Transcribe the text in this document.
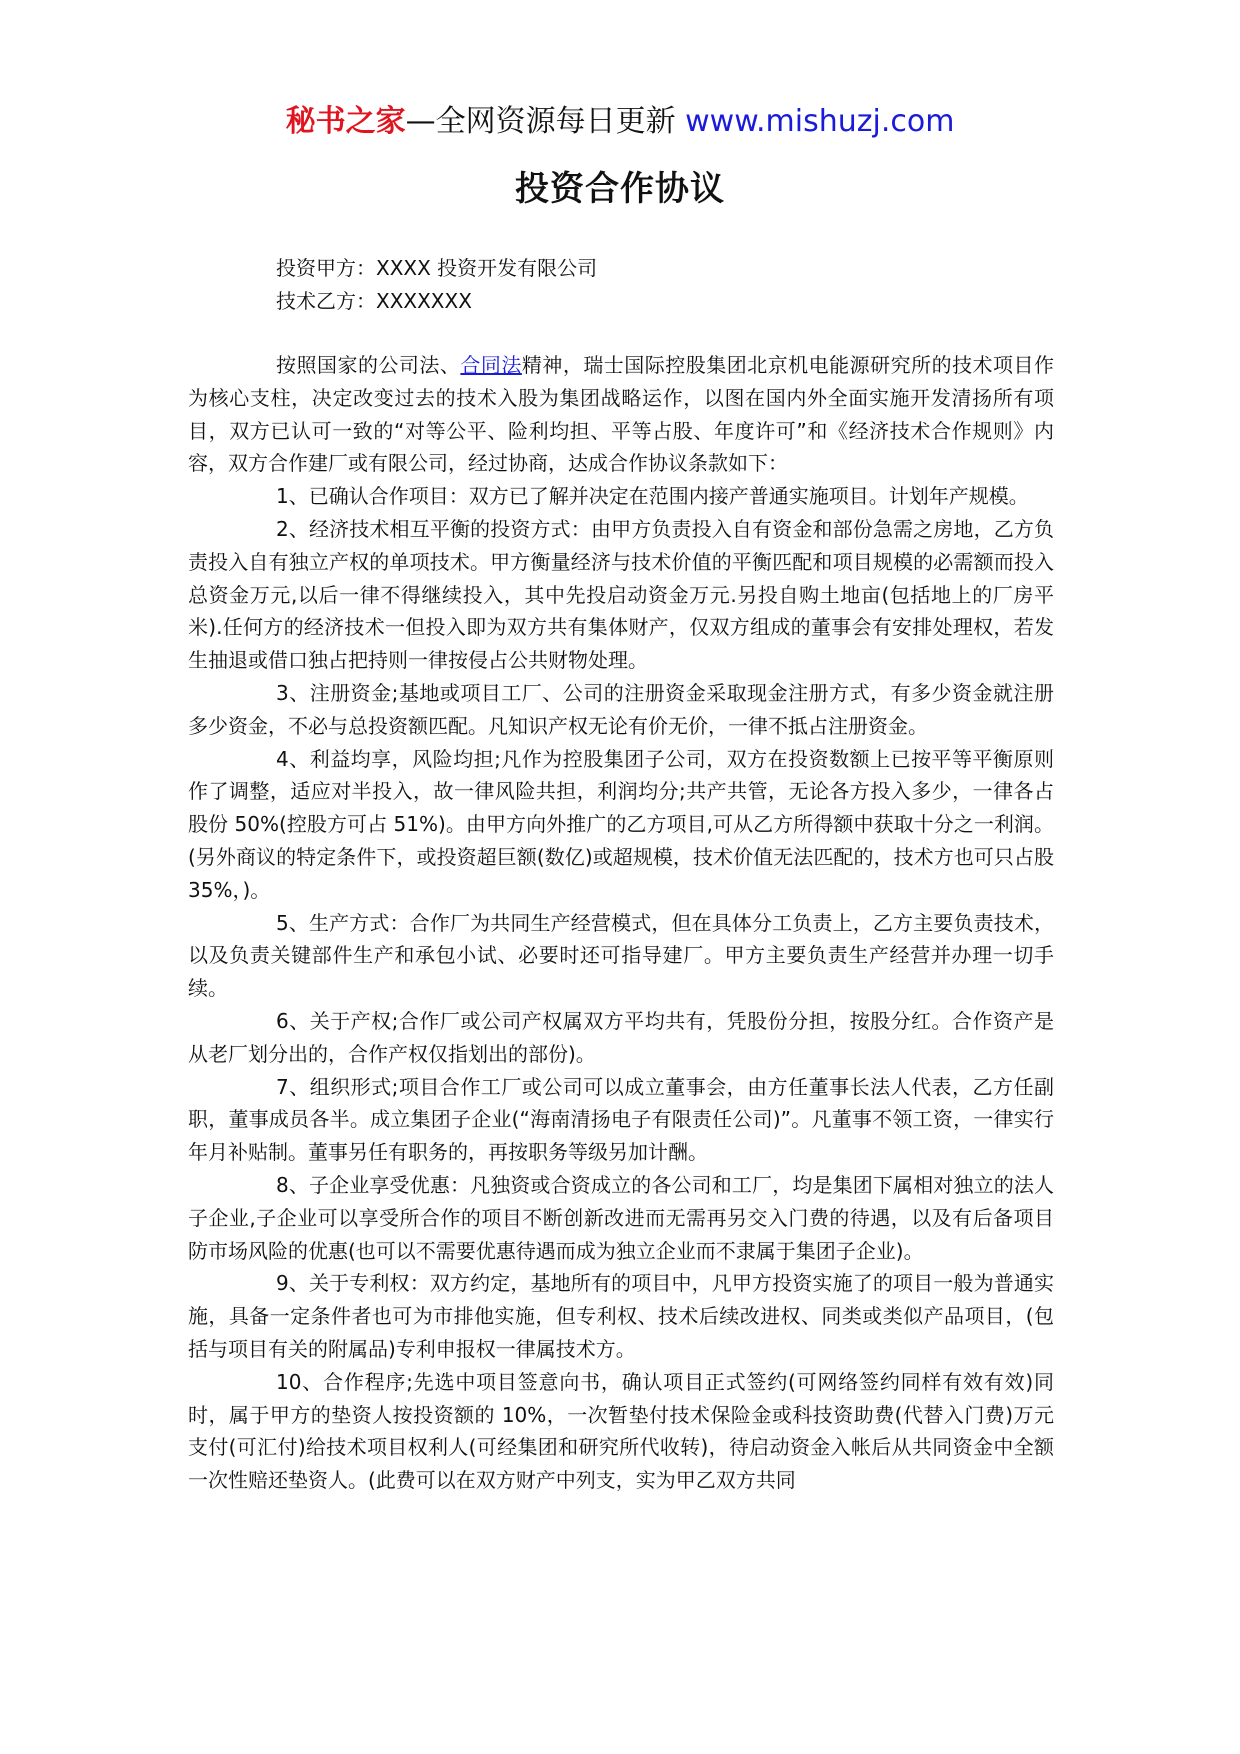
秘书之家—全网资源每日更新 www.mishuzj.com
投资合作协议
投资甲方：XXXX 投资开发有限公司
技术乙方：XXXXXXX

按照国家的公司法、合同法精神，瑞士国际控股集团北京机电能源研究所的技术项目作为核心支柱，决定改变过去的技术入股为集团战略运作，以图在国内外全面实施开发清扬所有项目，双方已认可一致的“对等公平、险利均担、平等占股、年度许可”和《经济技术合作规则》内容，双方合作建厂或有限公司，经过协商，达成合作协议条款如下：

1、已确认合作项目：双方已了解并决定在范围内接产普通实施项目。计划年产规模。

2、经济技术相互平衡的投资方式：由甲方负责投入自有资金和部份急需之房地，乙方负责投入自有独立产权的单项技术。甲方衡量经济与技术价值的平衡匹配和项目规模的必需额而投入总资金万元,以后一律不得继续投入，其中先投启动资金万元.另投自购土地亩(包括地上的厂房平米).任何方的经济技术一但投入即为双方共有集体财产，仅双方组成的董事会有安排处理权，若发生抽退或借口独占把持则一律按侵占公共财物处理。

3、注册资金;基地或项目工厂、公司的注册资金采取现金注册方式，有多少资金就注册多少资金，不必与总投资额匹配。凡知识产权无论有价无价，一律不抵占注册资金。

4、利益均享，风险均担;凡作为控股集团子公司，双方在投资数额上已按平等平衡原则作了调整，适应对半投入，故一律风险共担，利润均分;共产共管，无论各方投入多少，一律各占股份 50%(控股方可占 51%)。由甲方向外推广的乙方项目,可从乙方所得额中获取十分之一利润。(另外商议的特定条件下，或投资超巨额(数亿)或超规模，技术价值无法匹配的，技术方也可只占股 35%，)。

5、生产方式：合作厂为共同生产经营模式，但在具体分工负责上，乙方主要负责技术，以及负责关键部件生产和承包小试、必要时还可指导建厂。甲方主要负责生产经营并办理一切手续。

6、关于产权;合作厂或公司产权属双方平均共有，凭股份分担，按股分红。合作资产是从老厂划分出的，合作产权仅指划出的部份)。

7、组织形式;项目合作工厂或公司可以成立董事会，由方任董事长法人代表，乙方任副职，董事成员各半。成立集团子企业(“海南清扬电子有限责任公司)”。凡董事不领工资，一律实行年月补贴制。董事另任有职务的，再按职务等级另加计酬。

8、子企业享受优惠：凡独资或合资成立的各公司和工厂，均是集团下属相对独立的法人子企业,子企业可以享受所合作的项目不断创新改进而无需再另交入门费的待遇，以及有后备项目防市场风险的优惠(也可以不需要优惠待遇而成为独立企业而不隶属于集团子企业)。

9、关于专利权：双方约定，基地所有的项目中，凡甲方投资实施了的项目一般为普通实施，具备一定条件者也可为市排他实施，但专利权、技术后续改进权、同类或类似产品项目，(包括与项目有关的附属品)专利申报权一律属技术方。

10、合作程序;先选中项目签意向书，确认项目正式签约(可网络签约同样有效有效)同时，属于甲方的垫资人按投资额的 10%，一次暂垫付技术保险金或科技资助费(代替入门费)万元支付(可汇付)给技术项目权利人(可经集团和研究所代收转)，待启动资金入帐后从共同资金中全额一次性赔还垫资人。(此费可以在双方财产中列支，实为甲乙双方共同
